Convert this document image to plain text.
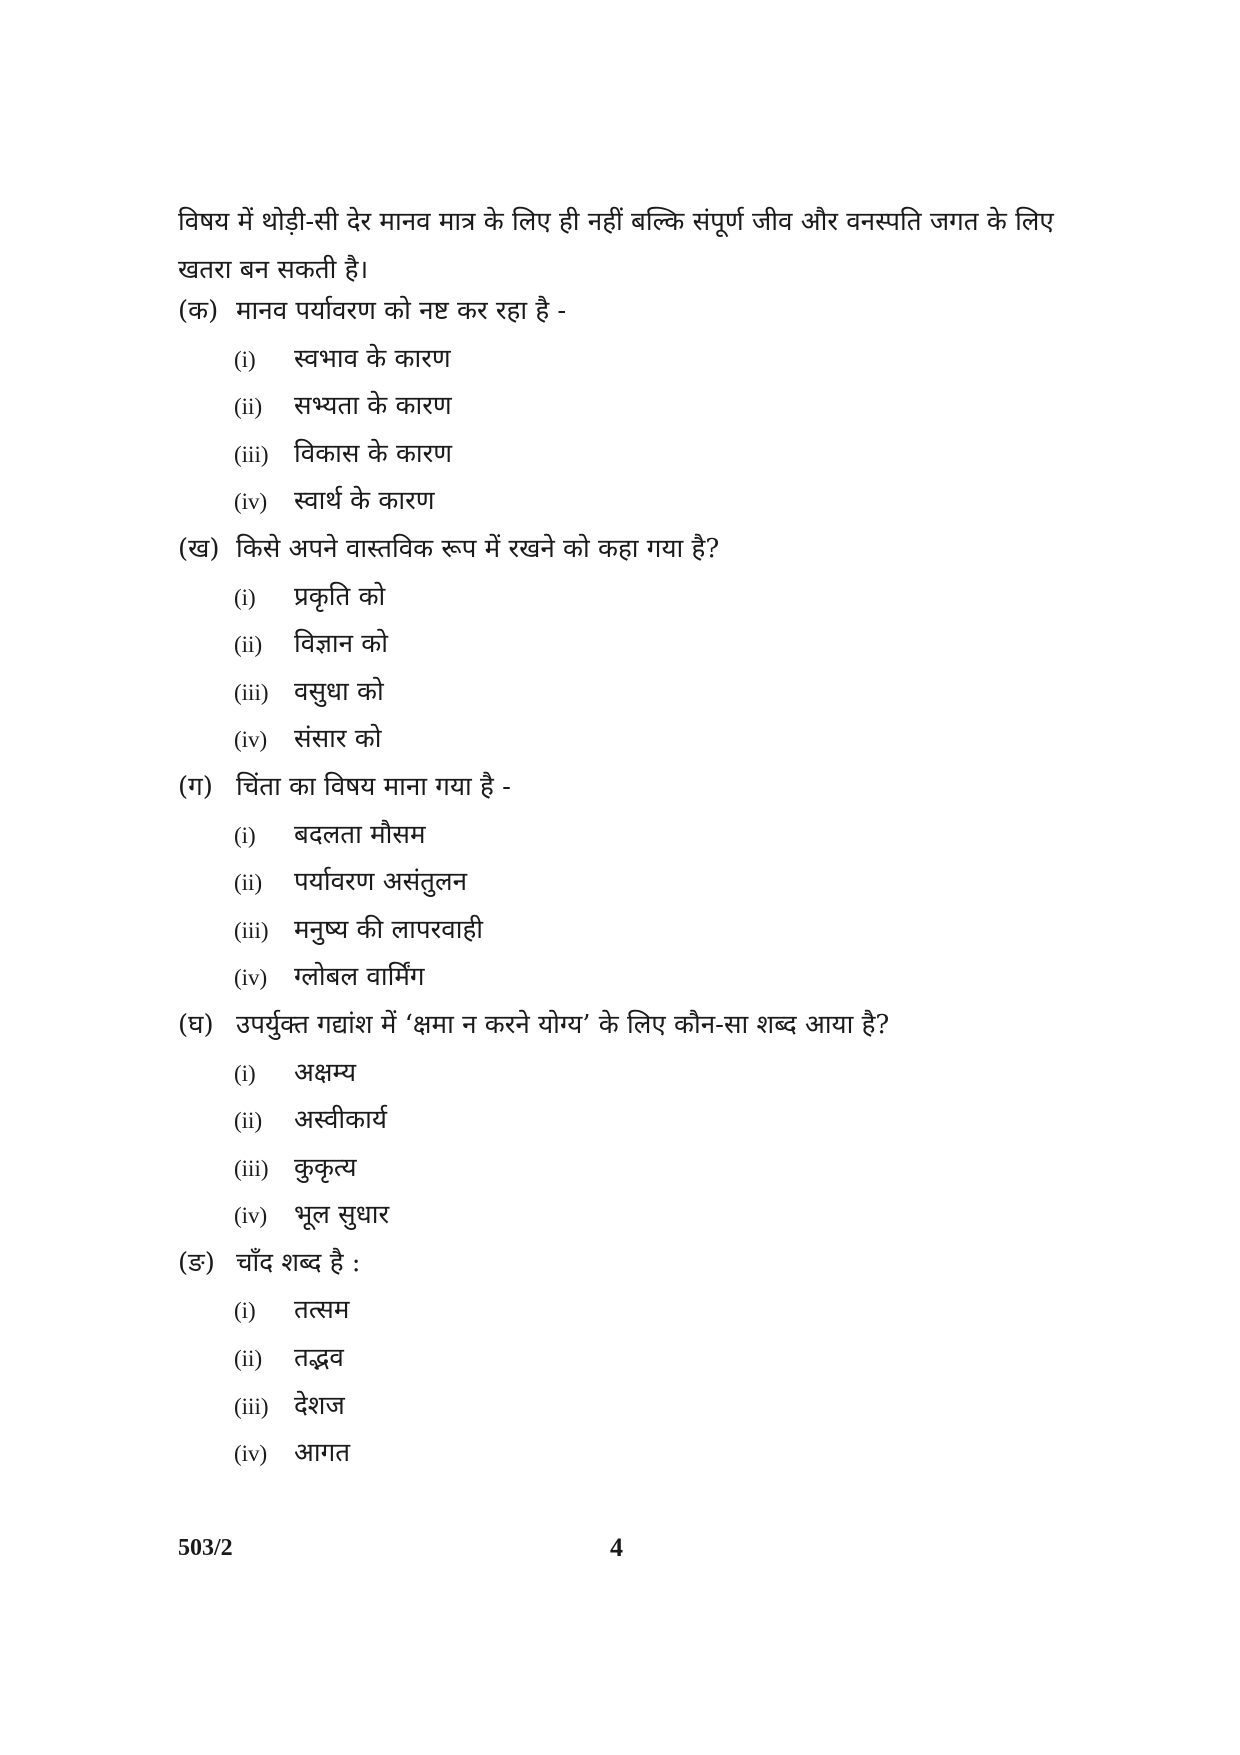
विषय में थोड़ी-सी देर मानव मात्र के लिए ही नहीं बल्कि संपूर्ण जीव और वनस्पति जगत के लिए खतरा बन सकती है।

(क) मानव पर्यावरण को नष्ट कर रहा है -
(i) स्वभाव के कारण
(ii) सभ्यता के कारण
(iii) विकास के कारण
(iv) स्वार्थ के कारण
(ख) किसे अपने वास्तविक रूप में रखने को कहा गया है?
(i) प्रकृति को
(ii) विज्ञान को
(iii) वसुधा को
(iv) संसार को
(ग) चिंता का विषय माना गया है -
(i) बदलता मौसम
(ii) पर्यावरण असंतुलन
(iii) मनुष्य की लापरवाही
(iv) ग्लोबल वार्मिंग
(घ) उपर्युक्त गद्यांश में ‘क्षमा न करने योग्य’ के लिए कौन-सा शब्द आया है?
(i) अक्षम्य
(ii) अस्वीकार्य
(iii) कुकृत्य
(iv) भूल सुधार
(ङ) चाँद शब्द है :
(i) तत्सम
(ii) तद्भव
(iii) देशज
(iv) आगत
503/2	4
